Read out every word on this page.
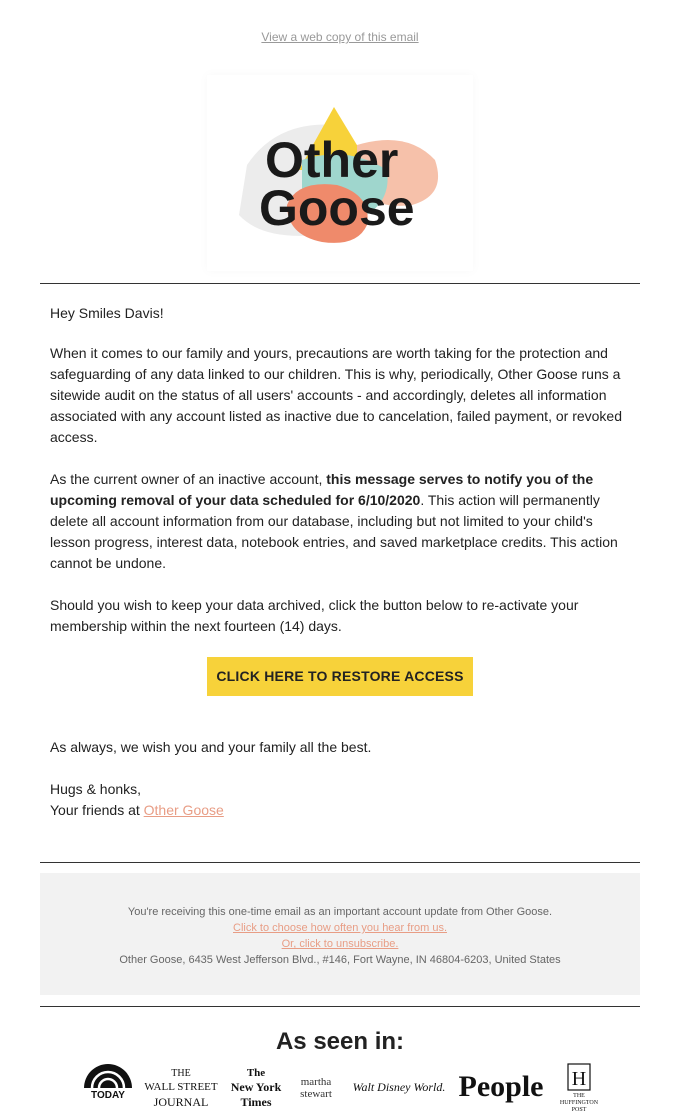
View a web copy of this email
Other
Goose

Hey Smiles Davis!

When it comes to our family and yours, precautions are worth taking for the protection and safeguarding of any data linked to our children. This is why, periodically, Other Goose runs a sitewide audit on the status of all users' accounts - and accordingly, deletes all information associated with any account listed as inactive due to cancelation, failed payment, or revoked access.

As the current owner of an inactive account, this message serves to notify you of the upcoming removal of your data scheduled for 6/10/2020. This action will permanently delete all account information from our database, including but not limited to your child's lesson progress, interest data, notebook entries, and saved marketplace credits. This action cannot be undone.

Should you wish to keep your data archived, click the button below to re-activate your membership within the next fourteen (14) days.

CLICK HERE TO RESTORE ACCESS

As always, we wish you and your family all the best.

Hugs & honks,

Your friends at Other Goose

You're receiving this one-time email as an important account update from Other Goose.
Click to choose how often you hear from us.
Or, click to unsubscribe.
Other Goose, 6435 West Jefferson Blvd., #146, Fort Wayne, IN 46804-6203, United States
As seen in:
TODAY
THE
WALL STREET
JOURNAL
The
New York
Times
martha
stewart Walt Disney World. People H
THE
HUFFINGTON
POST
